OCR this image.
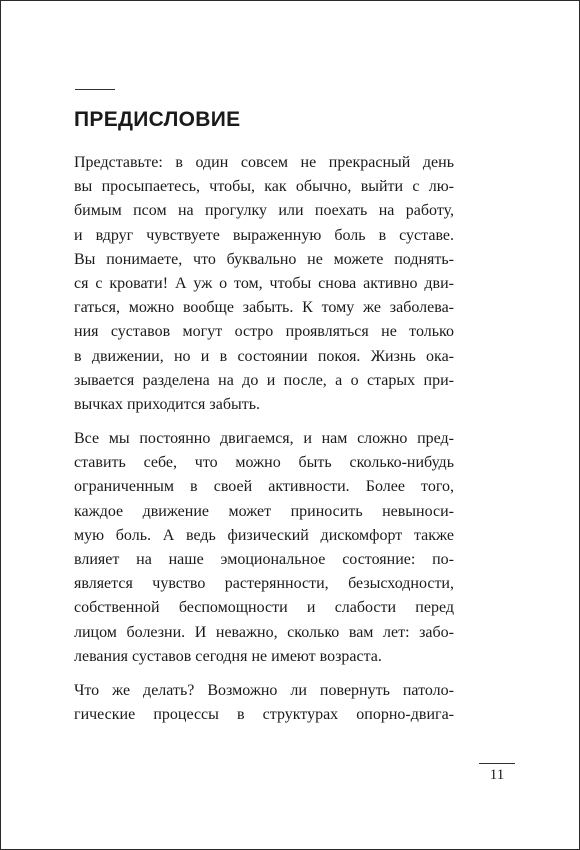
ПРЕДИСЛОВИЕ

Представьте: в один совсем не прекрасный день
вы просыпаетесь, чтобы, как обычно, выйти с лю-
бимым псом на прогулку или поехать на работу,
и вдруг чувствуете выраженную боль в суставе.
Вы понимаете, что буквально не можете поднять-
ся с кровати! А уж о том, чтобы снова активно дви-
гаться, можно вообще забыть. К тому же заболева-
ния суставов могут остро проявляться не только
в движении, но и в состоянии покоя. Жизнь ока-
зывается разделена на до и после, а о старых при-
вычках приходится забыть.

Все мы постоянно двигаемся, и нам сложно пред-
ставить себе, что можно быть сколько-нибудь
ограниченным в своей активности. Более того,
каждое движение может приносить невыноси-
мую боль. А ведь физический дискомфорт также
влияет на наше эмоциональное состояние: по-
является чувство растерянности, безысходности,
собственной беспомощности и слабости перед
лицом болезни. И неважно, сколько вам лет: забо-
левания суставов сегодня не имеют возраста.

Что же делать? Возможно ли повернуть патоло-
гические процессы в структурах опорно-двига-

11
